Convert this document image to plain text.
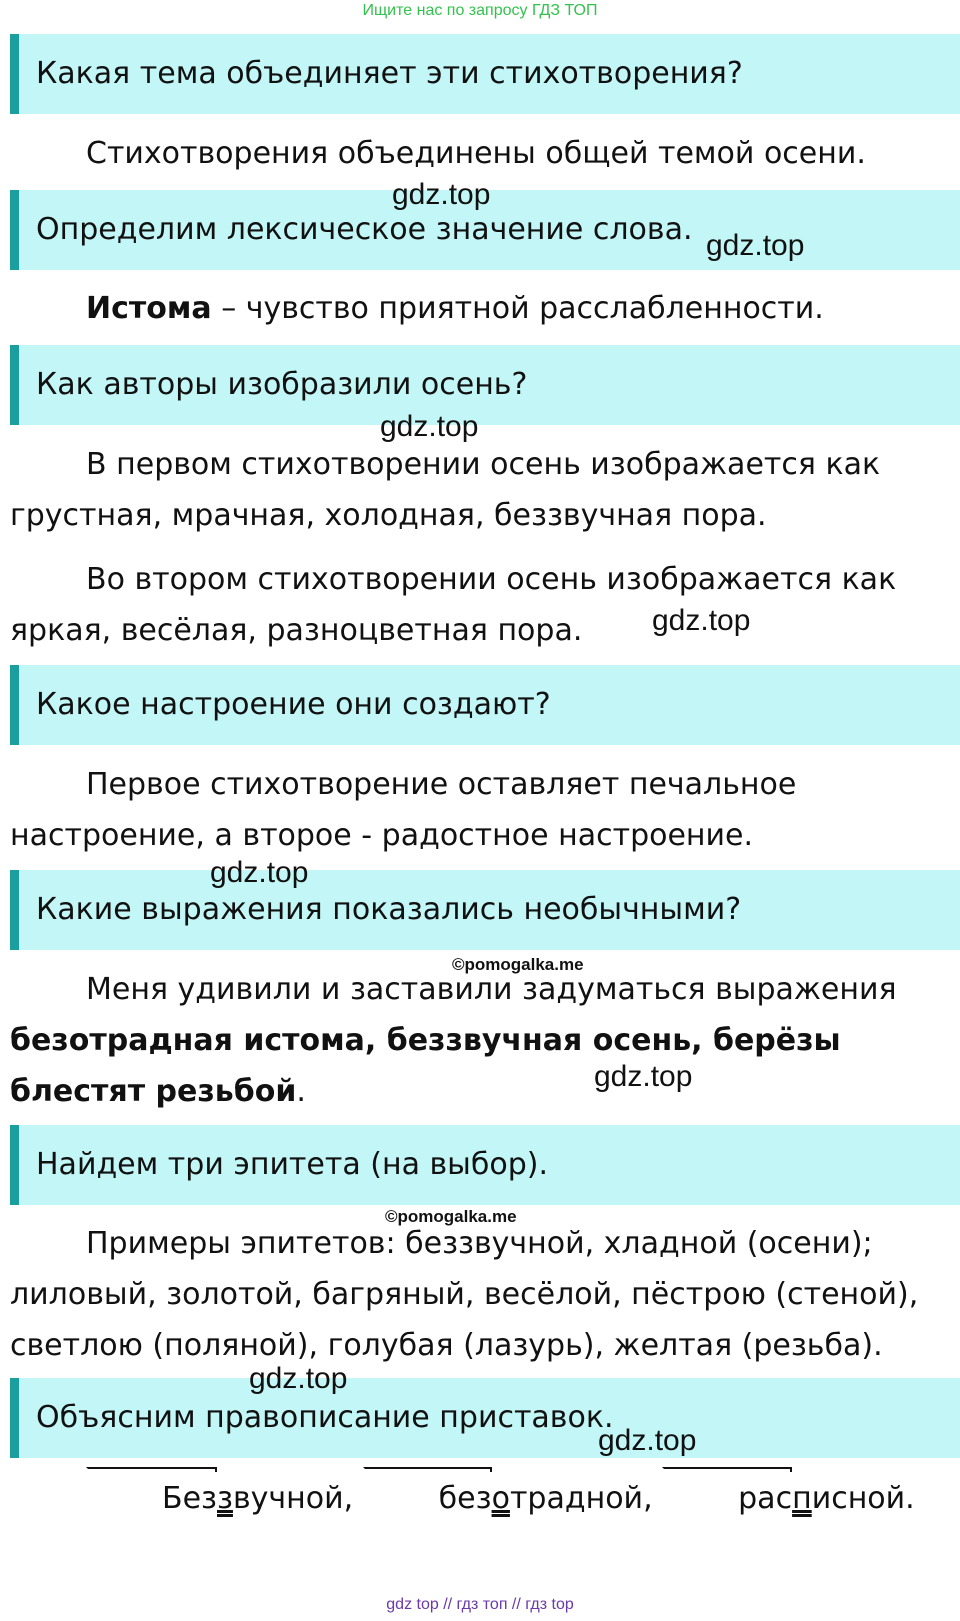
Ищите нас по запросу ГДЗ ТОП
Какая тема объединяет эти стихотворения?

Стихотворения объединены общей темой осени.

Определим лексическое значение слова.

Истома – чувство приятной расслабленности.

Как авторы изобразили осень?

В первом стихотворении осень изображается как грустная, мрачная, холодная, беззвучная пора.

Во втором стихотворении осень изображается как яркая, весёлая, разноцветная пора.

Какое настроение они создают?

Первое стихотворение оставляет печальное настроение, а второе - радостное настроение.

Какие выражения показались необычными?

Меня удивили и заставили задуматься выражения безотрадная истома, беззвучная осень, берёзы блестят резьбой.

Найдем три эпитета (на выбор).

Примеры эпитетов: беззвучной, хладной (осени); лиловый, золотой, багряный, весёлой, пёстрою (стеной), светлою (поляной), голубая (лазурь), желтая (резьба).

Объясним правописание приставок.

Беззвучной,	безотрадной,	расписной.

gdz.top
gdz.top
gdz.top
gdz.top
gdz.top
©pomogalka.me
gdz.top
©pomogalka.me
gdz.top
gdz.top
gdz top // гдз топ // гдз top
